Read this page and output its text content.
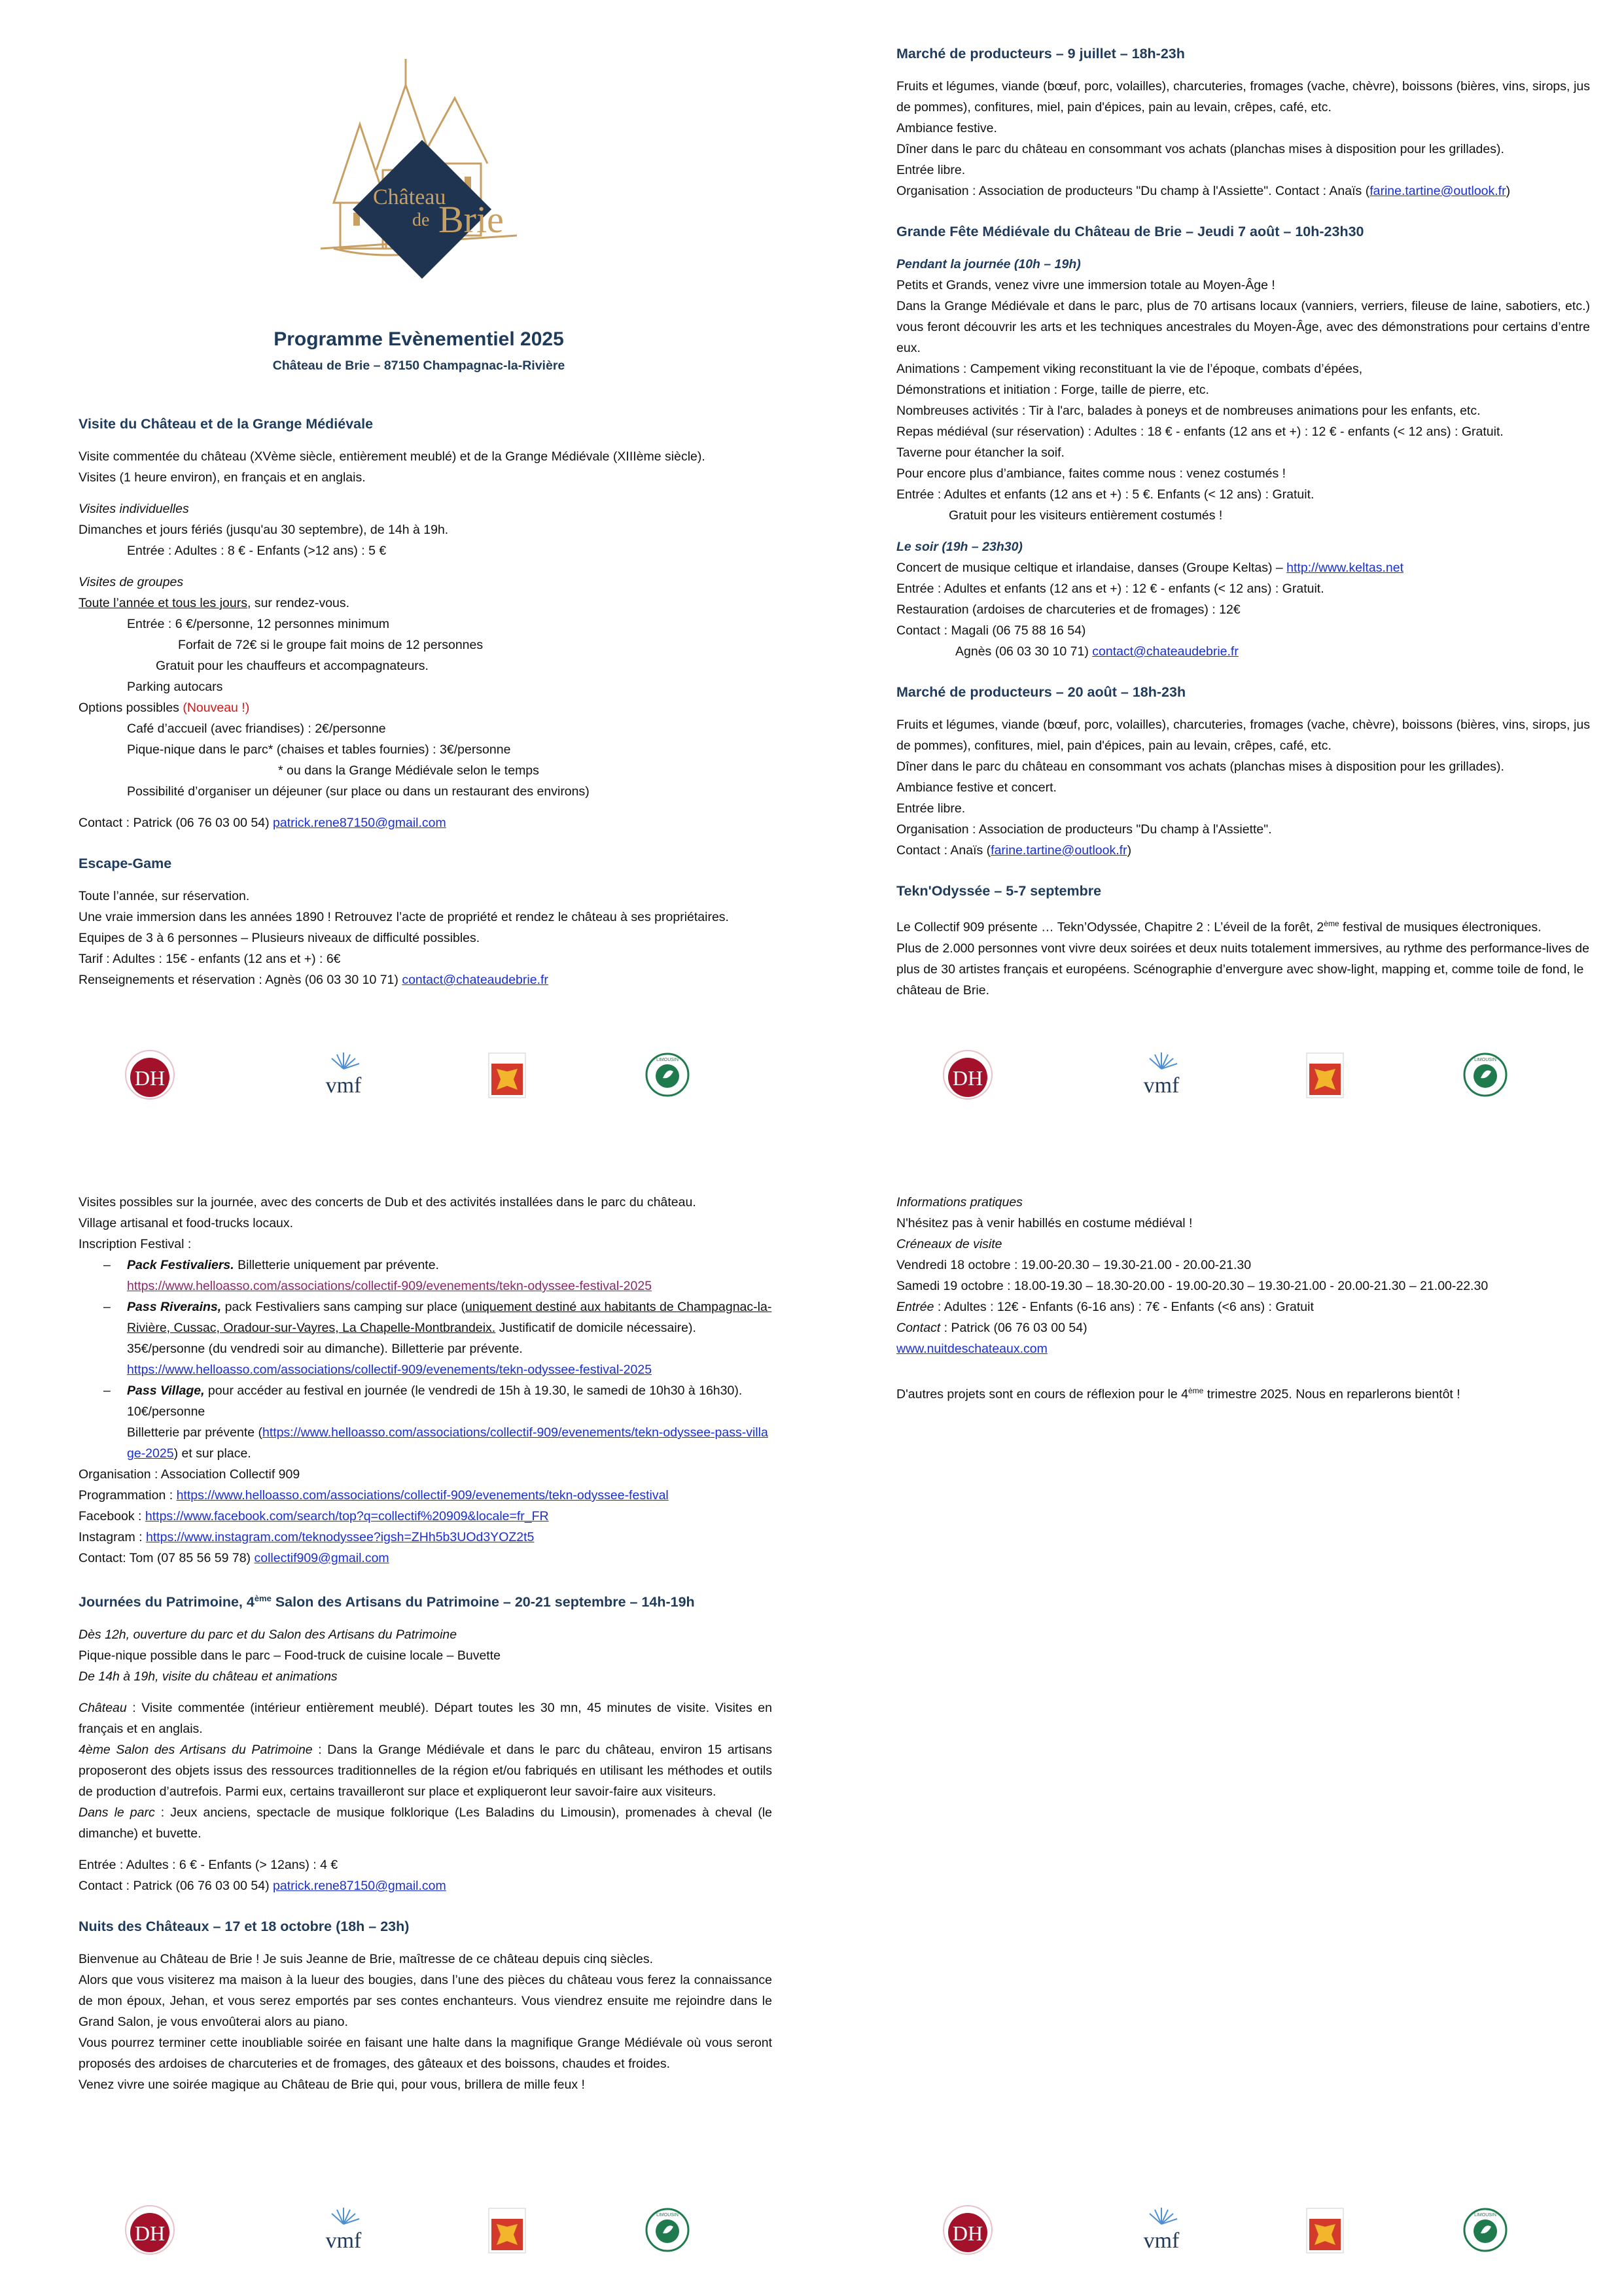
Château
de Brie
Programme Evènementiel 2025
Château de Brie – 87150 Champagnac-la-Rivière
Visite du Château et de la Grange Médiévale
Visite commentée du château (XVème siècle, entièrement meublé) et de la Grange Médiévale (XIIIème siècle).
Visites (1 heure environ), en français et en anglais.
Visites individuelles
Dimanches et jours fériés (jusqu'au 30 septembre), de 14h à 19h.
Entrée : Adultes : 8 € - Enfants (>12 ans) : 5 €
Visites de groupes
Toute l’année et tous les jours, sur rendez-vous.
Entrée : 6 €/personne, 12 personnes minimum
Forfait de 72€ si le groupe fait moins de 12 personnes
Gratuit pour les chauffeurs et accompagnateurs.
Parking autocars
Options possibles (Nouveau !)
Café d’accueil (avec friandises) : 2€/personne
Pique-nique dans le parc* (chaises et tables fournies) : 3€/personne
* ou dans la Grange Médiévale selon le temps
Possibilité d’organiser un déjeuner (sur place ou dans un restaurant des environs)
Contact : Patrick (06 76 03 00 54) patrick.rene87150@gmail.com
Escape-Game
Toute l’année, sur réservation.
Une vraie immersion dans les années 1890 ! Retrouvez l’acte de propriété et rendez le château à ses propriétaires.
Equipes de 3 à 6 personnes – Plusieurs niveaux de difficulté possibles.
Tarif : Adultes : 15€ - enfants (12 ans et +) : 6€
Renseignements et réservation : Agnès (06 03 30 10 71) contact@chateaudebrie.fr
Marché de producteurs – 9 juillet – 18h-23h
Fruits et légumes, viande (bœuf, porc, volailles), charcuteries, fromages (vache, chèvre), boissons (bières, vins, sirops, jus de pommes), confitures, miel, pain d'épices, pain au levain, crêpes, café, etc.
Ambiance festive.
Dîner dans le parc du château en consommant vos achats (planchas mises à disposition pour les grillades).
Entrée libre.
Organisation : Association de producteurs "Du champ à l'Assiette". Contact : Anaïs (farine.tartine@outlook.fr)
Grande Fête Médiévale du Château de Brie – Jeudi 7 août – 10h-23h30
Pendant la journée (10h – 19h)
Petits et Grands, venez vivre une immersion totale au Moyen-Âge !
Dans la Grange Médiévale et dans le parc, plus de 70 artisans locaux (vanniers, verriers, fileuse de laine, sabotiers, etc.) vous feront découvrir les arts et les techniques ancestrales du Moyen-Âge, avec des démonstrations pour certains d’entre eux.
Animations : Campement viking reconstituant la vie de l’époque, combats d’épées,
Démonstrations et initiation : Forge, taille de pierre, etc.
Nombreuses activités : Tir à l'arc, balades à poneys et de nombreuses animations pour les enfants, etc.
Repas médiéval (sur réservation) : Adultes : 18 € - enfants (12 ans et +) : 12 € - enfants (< 12 ans) : Gratuit.
Taverne pour étancher la soif.
Pour encore plus d’ambiance, faites comme nous : venez costumés !
Entrée : Adultes et enfants (12 ans et +) : 5 €. Enfants (< 12 ans) : Gratuit.
Gratuit pour les visiteurs entièrement costumés !
Le soir (19h – 23h30)
Concert de musique celtique et irlandaise, danses (Groupe Keltas) – http://www.keltas.net
Entrée : Adultes et enfants (12 ans et +) : 12 € - enfants (< 12 ans) : Gratuit.
Restauration (ardoises de charcuteries et de fromages) : 12€
Contact : Magali (06 75 88 16 54)
Agnès (06 03 30 10 71) contact@chateaudebrie.fr
Marché de producteurs – 20 août – 18h-23h
Fruits et légumes, viande (bœuf, porc, volailles), charcuteries, fromages (vache, chèvre), boissons (bières, vins, sirops, jus de pommes), confitures, miel, pain d'épices, pain au levain, crêpes, café, etc.
Dîner dans le parc du château en consommant vos achats (planchas mises à disposition pour les grillades).
Ambiance festive et concert.
Entrée libre.
Organisation : Association de producteurs "Du champ à l'Assiette".
Contact : Anaïs (farine.tartine@outlook.fr)
Tekn'Odyssée – 5-7 septembre
Le Collectif 909 présente … Tekn’Odyssée, Chapitre 2 : L’éveil de la forêt, 2ème festival de musiques électroniques.
Plus de 2.000 personnes vont vivre deux soirées et deux nuits totalement immersives, au rythme des performance-lives de plus de 30 artistes français et européens. Scénographie d’envergure avec show-light, mapping et, comme toile de fond, le château de Brie.
Visites possibles sur la journée, avec des concerts de Dub et des activités installées dans le parc du château.
Village artisanal et food-trucks locaux.
Inscription Festival :
– Pack Festivaliers. Billetterie uniquement par prévente.
https://www.helloasso.com/associations/collectif-909/evenements/tekn-odyssee-festival-2025
– Pass Riverains, pack Festivaliers sans camping sur place (uniquement destiné aux habitants de Champagnac-la-Rivière, Cussac, Oradour-sur-Vayres, La Chapelle-Montbrandeix. Justificatif de domicile nécessaire). 35€/personne (du vendredi soir au dimanche). Billetterie par prévente.
https://www.helloasso.com/associations/collectif-909/evenements/tekn-odyssee-festival-2025
– Pass Village, pour accéder au festival en journée (le vendredi de 15h à 19.30, le samedi de 10h30 à 16h30). 10€/personne
Billetterie par prévente (https://www.helloasso.com/associations/collectif-909/evenements/tekn-odyssee-pass-village-2025) et sur place.
Organisation : Association Collectif 909
Programmation : https://www.helloasso.com/associations/collectif-909/evenements/tekn-odyssee-festival
Facebook : https://www.facebook.com/search/top?q=collectif%20909&locale=fr_FR
Instagram : https://www.instagram.com/teknodyssee?igsh=ZHh5b3UOd3YOZ2t5
Contact: Tom (07 85 56 59 78) collectif909@gmail.com
Journées du Patrimoine, 4ème Salon des Artisans du Patrimoine – 20-21 septembre – 14h-19h
Dès 12h, ouverture du parc et du Salon des Artisans du Patrimoine
Pique-nique possible dans le parc – Food-truck de cuisine locale – Buvette
De 14h à 19h, visite du château et animations
Château : Visite commentée (intérieur entièrement meublé). Départ toutes les 30 mn, 45 minutes de visite. Visites en français et en anglais.
4ème Salon des Artisans du Patrimoine : Dans la Grange Médiévale et dans le parc du château, environ 15 artisans proposeront des objets issus des ressources traditionnelles de la région et/ou fabriqués en utilisant les méthodes et outils de production d’autrefois. Parmi eux, certains travailleront sur place et expliqueront leur savoir-faire aux visiteurs.
Dans le parc : Jeux anciens, spectacle de musique folklorique (Les Baladins du Limousin), promenades à cheval (le dimanche) et buvette.
Entrée : Adultes : 6 € - Enfants (> 12ans) : 4 €
Contact : Patrick (06 76 03 00 54) patrick.rene87150@gmail.com
Nuits des Châteaux – 17 et 18 octobre (18h – 23h)
Bienvenue au Château de Brie ! Je suis Jeanne de Brie, maîtresse de ce château depuis cinq siècles.
Alors que vous visiterez ma maison à la lueur des bougies, dans l’une des pièces du château vous ferez la connaissance de mon époux, Jehan, et vous serez emportés par ses contes enchanteurs. Vous viendrez ensuite me rejoindre dans le Grand Salon, je vous envoûterai alors au piano.
Vous pourrez terminer cette inoubliable soirée en faisant une halte dans la magnifique Grange Médiévale où vous seront proposés des ardoises de charcuteries et de fromages, des gâteaux et des boissons, chaudes et froides.
Venez vivre une soirée magique au Château de Brie qui, pour vous, brillera de mille feux !
Informations pratiques
N'hésitez pas à venir habillés en costume médiéval !
Créneaux de visite
Vendredi 18 octobre : 19.00-20.30 – 19.30-21.00 - 20.00-21.30
Samedi 19 octobre : 18.00-19.30 – 18.30-20.00 - 19.00-20.30 – 19.30-21.00 - 20.00-21.30 – 21.00-22.30
Entrée : Adultes : 12€ - Enfants (6-16 ans) : 7€ - Enfants (<6 ans) : Gratuit
Contact : Patrick (06 76 03 00 54)
www.nuitdeschateaux.com
D'autres projets sont en cours de réflexion pour le 4ème trimestre 2025. Nous en reparlerons bientôt !
DH	vmf
LIMOUSIN
DH	vmf
LIMOUSIN
DH	vmf
LIMOUSIN
DH	vmf
LIMOUSIN
